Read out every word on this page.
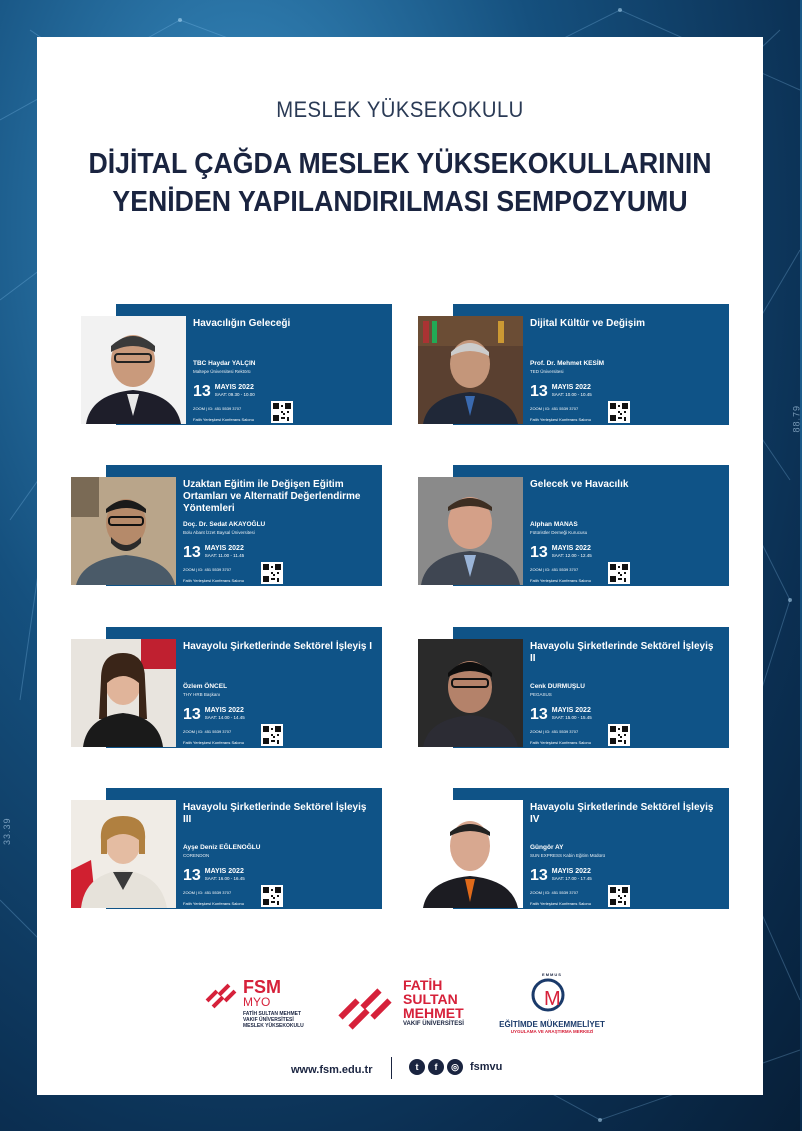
88.79
33.39
MESLEK YÜKSEKOKULU
DİJİTAL ÇAĞDA MESLEK YÜKSEKOKULLARININ
YENİDEN YAPILANDIRILMASI SEMPOZYUMU
Havacılığın Geleceği
TBC Haydar YALÇIN
Maltepe Üniversitesi Rektörü
13 MAYIS 2022
SAAT: 09.30 - 10.00
ZOOM | ID: 451 5539 3707
Fatih Yerleşkesi Konferans Salonu
Dijital Kültür ve Değişim
Prof. Dr. Mehmet KESİM
TED Üniversitesi
13 MAYIS 2022
SAAT: 10.00 - 10.45
ZOOM | ID: 451 5539 3707
Fatih Yerleşkesi Konferans Salonu
Uzaktan Eğitim ile Değişen Eğitim Ortamları ve Alternatif Değerlendirme Yöntemleri
Doç. Dr. Sedat AKAYOĞLU
Bolu Abant İzzet Baysal Üniversitesi
13 MAYIS 2022
SAAT: 11.00 - 11.45
ZOOM | ID: 451 5539 3707
Fatih Yerleşkesi Konferans Salonu
Gelecek ve Havacılık
Alphan MANAS
Fütüristler Derneği Kurucusu
13 MAYIS 2022
SAAT: 12.00 - 12.45
ZOOM | ID: 451 5539 3707
Fatih Yerleşkesi Konferans Salonu
Havayolu Şirketlerinde Sektörel İşleyiş I
Özlem ÖNCEL
THY HRB Başkanı
13 MAYIS 2022
SAAT: 14.00 - 14.45
ZOOM | ID: 451 5539 3707
Fatih Yerleşkesi Konferans Salonu
Havayolu Şirketlerinde Sektörel İşleyiş II
Cenk DURMUŞLU
PEGASUS
13 MAYIS 2022
SAAT: 15.00 - 15.45
ZOOM | ID: 451 5539 3707
Fatih Yerleşkesi Konferans Salonu
Havayolu Şirketlerinde Sektörel İşleyiş III
Ayşe Deniz EĞLENOĞLU
CORENDON
13 MAYIS 2022
SAAT: 16.00 - 16.45
ZOOM | ID: 451 5539 3707
Fatih Yerleşkesi Konferans Salonu
Havayolu Şirketlerinde Sektörel İşleyiş IV
Güngör AY
SUN EXPRESS Kabin Eğitim Müdürü
13 MAYIS 2022
SAAT: 17.00 - 17.45
ZOOM | ID: 451 5539 3707
Fatih Yerleşkesi Konferans Salonu
FSM
MYO
FATİH SULTAN MEHMET
VAKIF ÜNİVERSİTESİ
MESLEK YÜKSEKOKULU
FATİH
SULTAN
MEHMET
VAKIF ÜNİVERSİTESİ
EMMUS
M
EĞİTİMDE MÜKEMMELİYET
UYGULAMA VE ARAŞTIRMA MERKEZİ
www.fsm.edu.tr	t	f	◎	fsmvu
